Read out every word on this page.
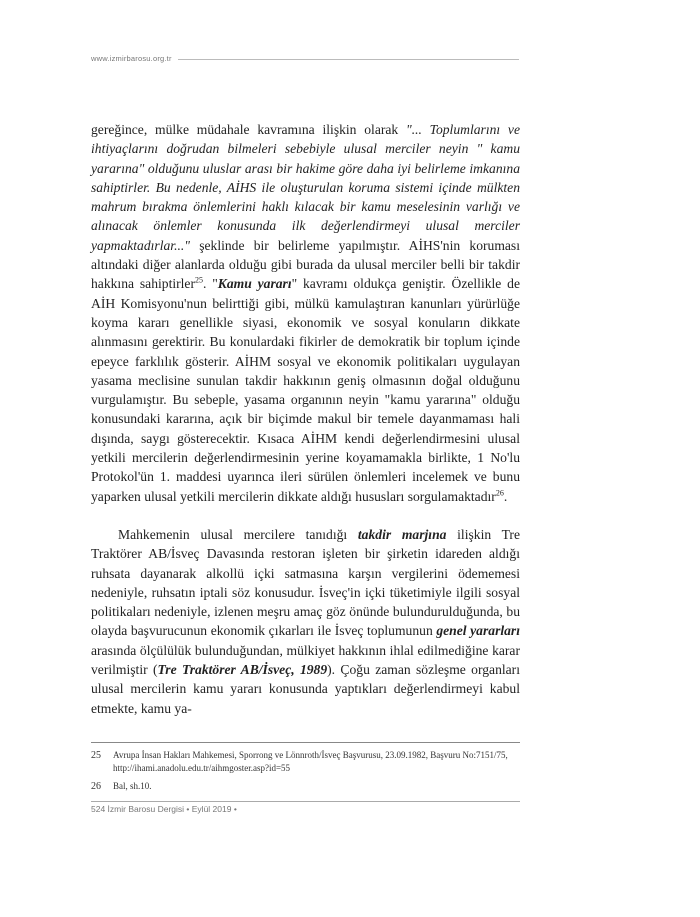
www.izmirbarosu.org.tr

gereğince, mülke müdahale kavramına ilişkin olarak "... Toplumlarını ve ihtiyaçlarını doğrudan bilmeleri sebebiyle ulusal merciler neyin " kamu yararına" olduğunu uluslar arası bir hakime göre daha iyi belirleme imkanına sahiptirler. Bu nedenle, AİHS ile oluşturulan koruma sistemi içinde mülkten mahrum bırakma önlemlerini haklı kılacak bir kamu meselesinin varlığı ve alınacak önlemler konusunda ilk değerlendirmeyi ulusal merciler yapmaktadırlar..." şeklinde bir belirleme yapılmıştır. AİHS'nin koruması altındaki diğer alanlarda olduğu gibi burada da ulusal merciler belli bir takdir hakkına sahiptirler$^{25}$. "Kamu yararı" kavramı oldukça geniştir. Özellikle de AİH Komisyonu'nun belirttiği gibi, mülkü kamulaştıran kanunları yürürlüğe koyma kararı genellikle siyasi, ekonomik ve sosyal konuların dikkate alınmasını gerektirir. Bu konulardaki fikirler de demokratik bir toplum içinde epeyce farklılık gösterir. AİHM sosyal ve ekonomik politikaları uygulayan yasama meclisine sunulan takdir hakkının geniş olmasının doğal olduğunu vurgulamıştır. Bu sebeple, yasama organının neyin "kamu yararına" olduğu konusundaki kararına, açık bir biçimde makul bir temele dayanmaması hali dışında, saygı gösterecektir. Kısaca AİHM kendi değerlendirmesini ulusal yetkili mercilerin değerlendirmesinin yerine koyamamakla birlikte, 1 No'lu Protokol'ün 1. maddesi uyarınca ileri sürülen önlemleri incelemek ve bunu yaparken ulusal yetkili mercilerin dikkate aldığı hususları sorgulamaktadır$^{26}$.

Mahkemenin ulusal mercilere tanıdığı takdir marjına ilişkin Tre Traktörer AB/İsveç Davasında restoran işleten bir şirketin idareden aldığı ruhsata dayanarak alkollü içki satmasına karşın vergilerini ödememesi nedeniyle, ruhsatın iptali söz konusudur. İsveç'in içki tüketimiyle ilgili sosyal politikaları nedeniyle, izlenen meşru amaç göz önünde bulundurulduğunda, bu olayda başvurucunun ekonomik çıkarları ile İsveç toplumunun genel yararları arasında ölçülülük bulunduğundan, mülkiyet hakkının ihlal edilmediğine karar verilmiştir (Tre Traktörer AB/İsveç, 1989). Çoğu zaman sözleşme organları ulusal mercilerin kamu yararı konusunda yaptıkları değerlendirmeyi kabul etmekte, kamu ya-

25	Avrupa İnsan Hakları Mahkemesi, Sporrong ve Lönnroth/İsveç Başvurusu, 23.09.1982, Başvuru No:7151/75, http://ihami.anadolu.edu.tr/aihmgoster.asp?id=55
26	Bal, sh.10.
524 İzmir Barosu Dergisi • Eylül 2019 •
